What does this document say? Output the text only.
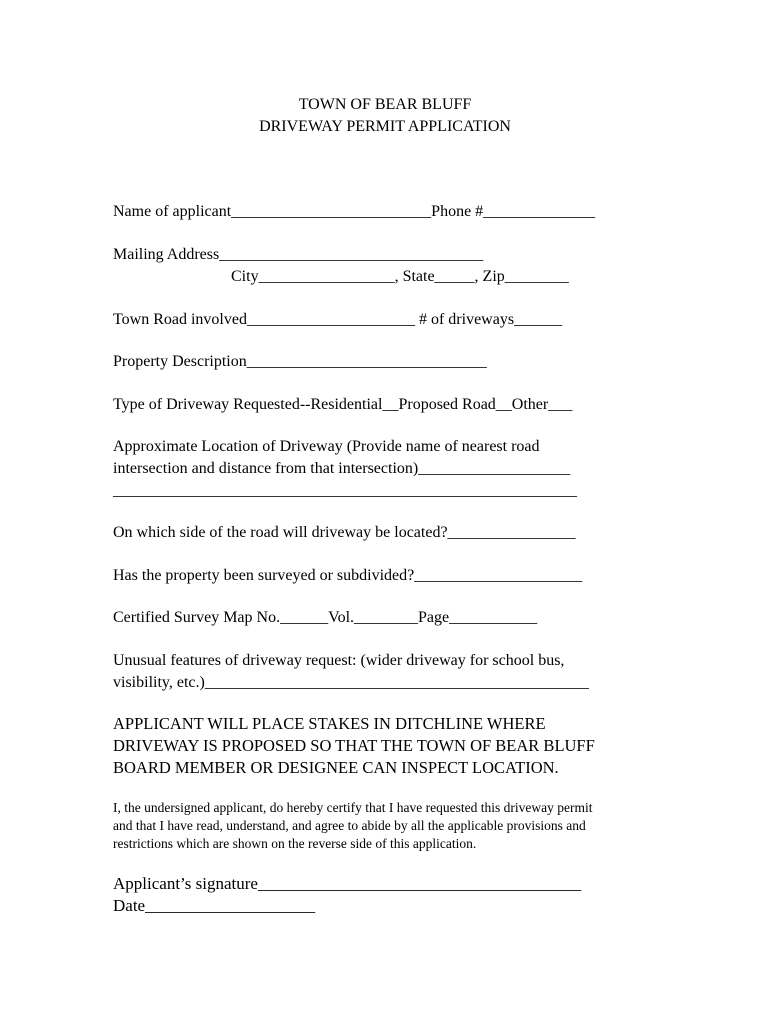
TOWN OF BEAR BLUFF
DRIVEWAY PERMIT APPLICATION
Name of applicant_________________________Phone #______________
Mailing Address_________________________________
City_________________, State_____, Zip________
Town Road involved_____________________ # of driveways______
Property Description______________________________
Type of Driveway Requested--Residential__Proposed Road__Other___
Approximate Location of Driveway (Provide name of nearest road
intersection and distance from that intersection)___________________
__________________________________________________________
On which side of the road will driveway be located?________________
Has the property been surveyed or subdivided?_____________________
Certified Survey Map No.______Vol.________Page___________
Unusual features of driveway request: (wider driveway for school bus,
visibility, etc.)________________________________________________
APPLICANT WILL PLACE STAKES IN DITCHLINE WHERE
DRIVEWAY IS PROPOSED SO THAT THE TOWN OF BEAR BLUFF
BOARD MEMBER OR DESIGNEE CAN INSPECT LOCATION.
I, the undersigned applicant, do hereby certify that I have requested this driveway permit
and that I have read, understand, and agree to abide by all the applicable provisions and
restrictions which are shown on the reverse side of this application.
Applicant’s signature______________________________________
Date____________________
